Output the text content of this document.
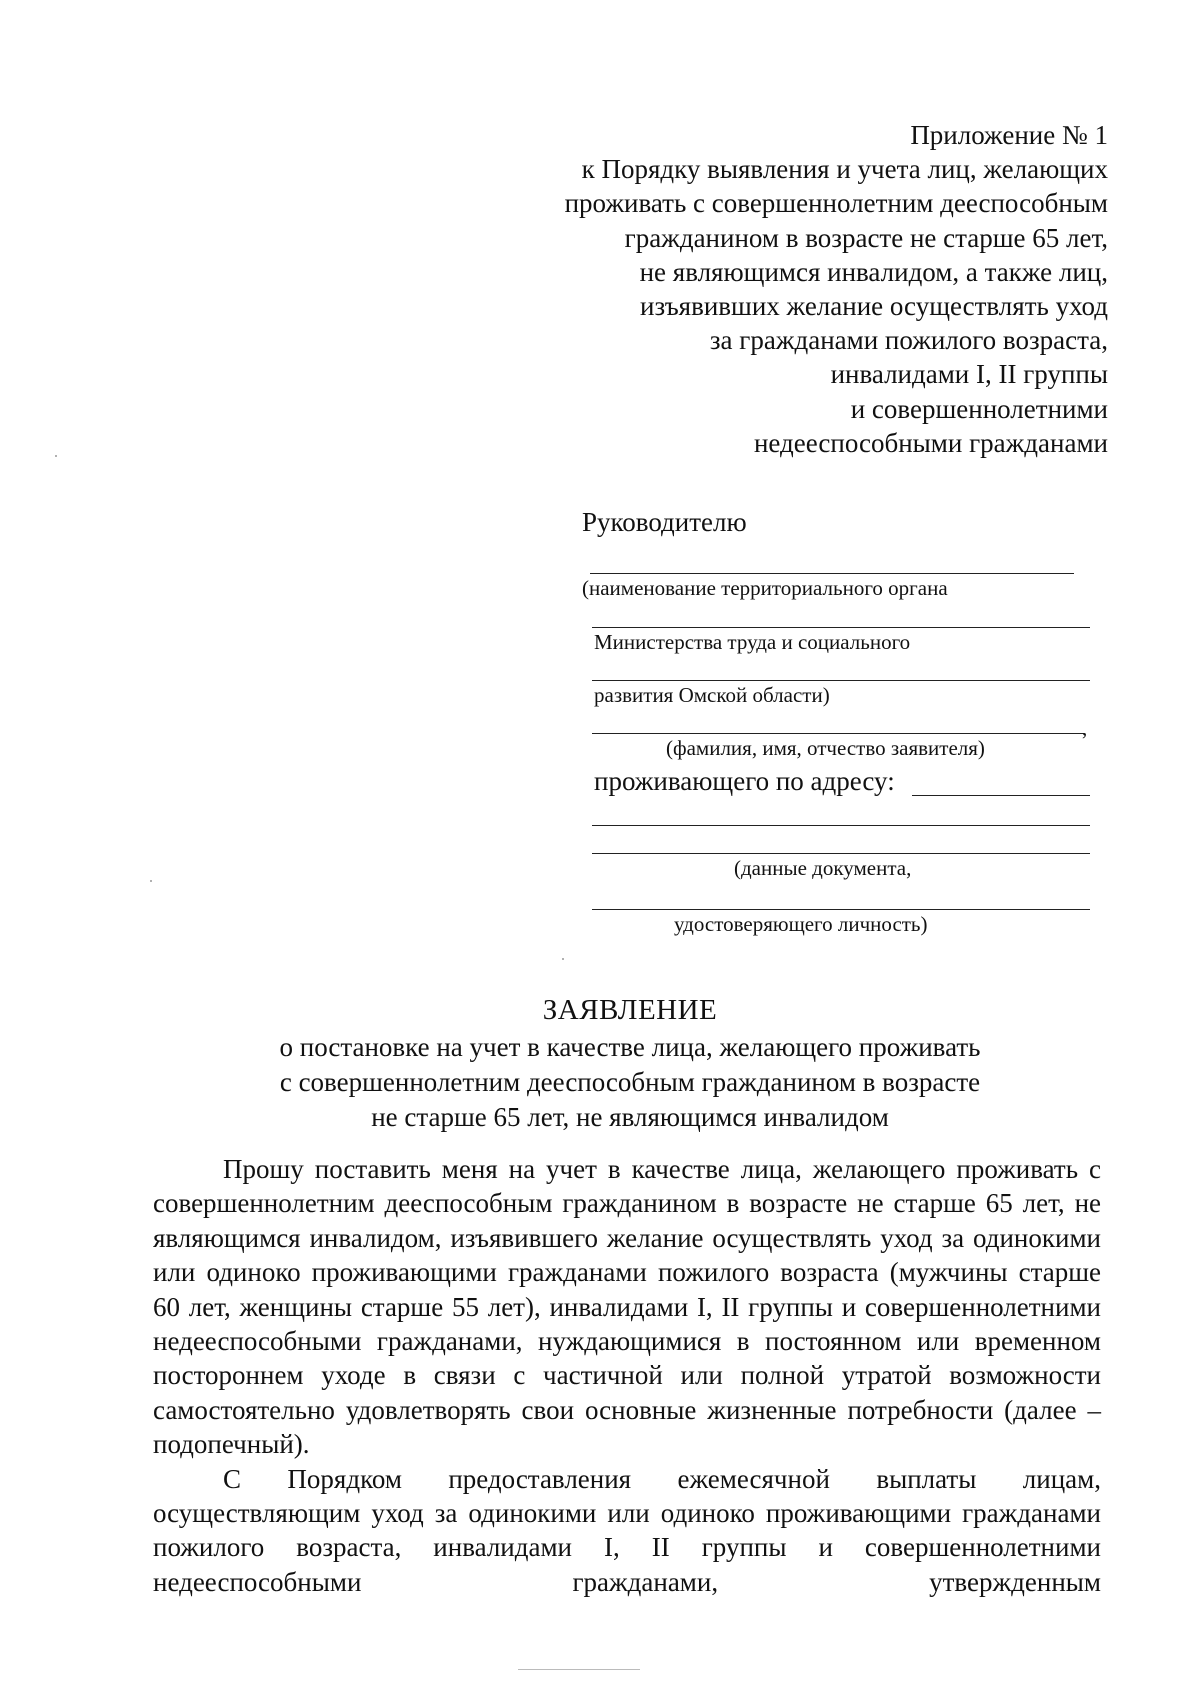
Приложение № 1
к Порядку выявления и учета лиц, желающих
проживать с совершеннолетним дееспособным
гражданином в возрасте не старше 65 лет,
не являющимся инвалидом, а также лиц,
изъявивших желание осуществлять уход
за гражданами пожилого возраста,
инвалидами I, II группы
и совершеннолетними
недееспособными гражданами
Руководителю
(наименование территориального органа
Министерства труда и социального
развития Омской области)
,
(фамилия, имя, отчество заявителя)
проживающего по адресу:
(данные документа,
удостоверяющего личность)
ЗАЯВЛЕНИЕ
о постановке на учет в качестве лица, желающего проживать
с совершеннолетним дееспособным гражданином в возрасте
не старше 65 лет, не являющимся инвалидом

Прошу поставить меня на учет в качестве лица, желающего проживать с совершеннолетним дееспособным гражданином в возрасте не старше 65 лет, не являющимся инвалидом, изъявившего желание осуществлять уход за одинокими или одиноко проживающими гражданами пожилого возраста (мужчины старше 60 лет, женщины старше 55 лет), инвалидами I, II группы и совершеннолетними недееспособными гражданами, нуждающимися в постоянном или временном постороннем уходе в связи с частичной или полной утратой возможности самостоятельно удовлетворять свои основные жизненные потребности (далее – подопечный).

С Порядком предоставления ежемесячной выплаты лицам, осуществляющим уход за одинокими или одиноко проживающими гражданами пожилого возраста, инвалидами I, II группы и совершеннолетними недееспособными гражданами, утвержденным
